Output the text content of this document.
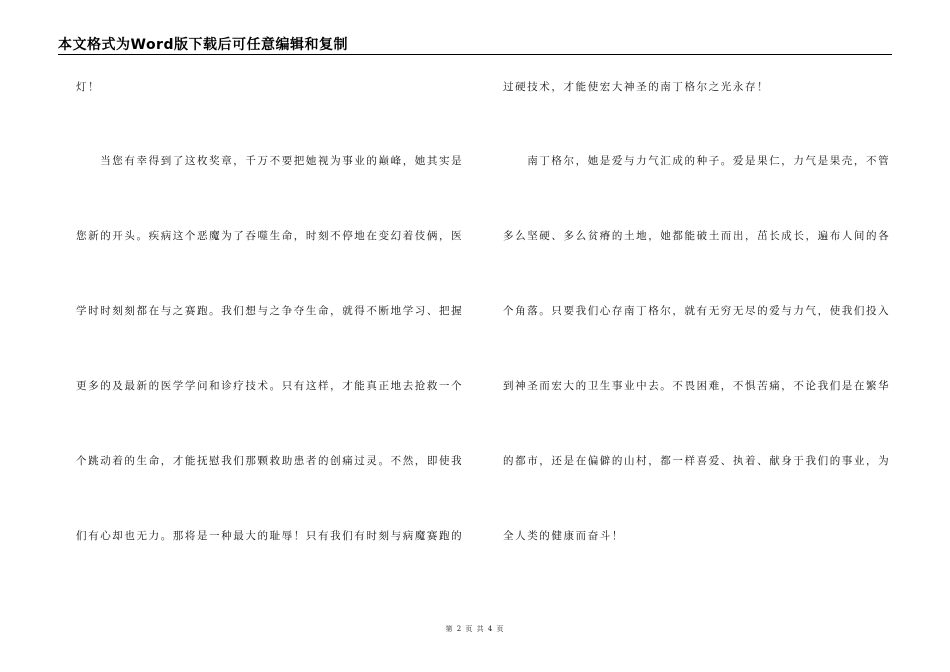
本文格式为Word版下载后可任意编辑和复制
灯！
　　当您有幸得到了这枚奖章，千万不要把她视为事业的巅峰，她其实是
您新的开头。疾病这个恶魔为了吞噬生命，时刻不停地在变幻着伎俩，医
学时时刻刻都在与之赛跑。我们想与之争夺生命，就得不断地学习、把握
更多的及最新的医学学问和诊疗技术。只有这样，才能真正地去抢救一个
个跳动着的生命，才能抚慰我们那颗救助患者的创痛过灵。不然，即使我
们有心却也无力。那将是一种最大的耻辱！只有我们有时刻与病魔赛跑的
过硬技术，才能使宏大神圣的南丁格尔之光永存！
　　南丁格尔，她是爱与力气汇成的种子。爱是果仁，力气是果壳，不管
多么坚硬、多么贫瘠的土地，她都能破土而出，茁长成长，遍布人间的各
个角落。只要我们心存南丁格尔，就有无穷无尽的爱与力气，使我们投入
到神圣而宏大的卫生事业中去。不畏困难，不惧苦痛，不论我们是在繁华
的都市，还是在偏僻的山村，都一样喜爱、执着、献身于我们的事业，为
全人类的健康而奋斗！
第 2 页 共 4 页
